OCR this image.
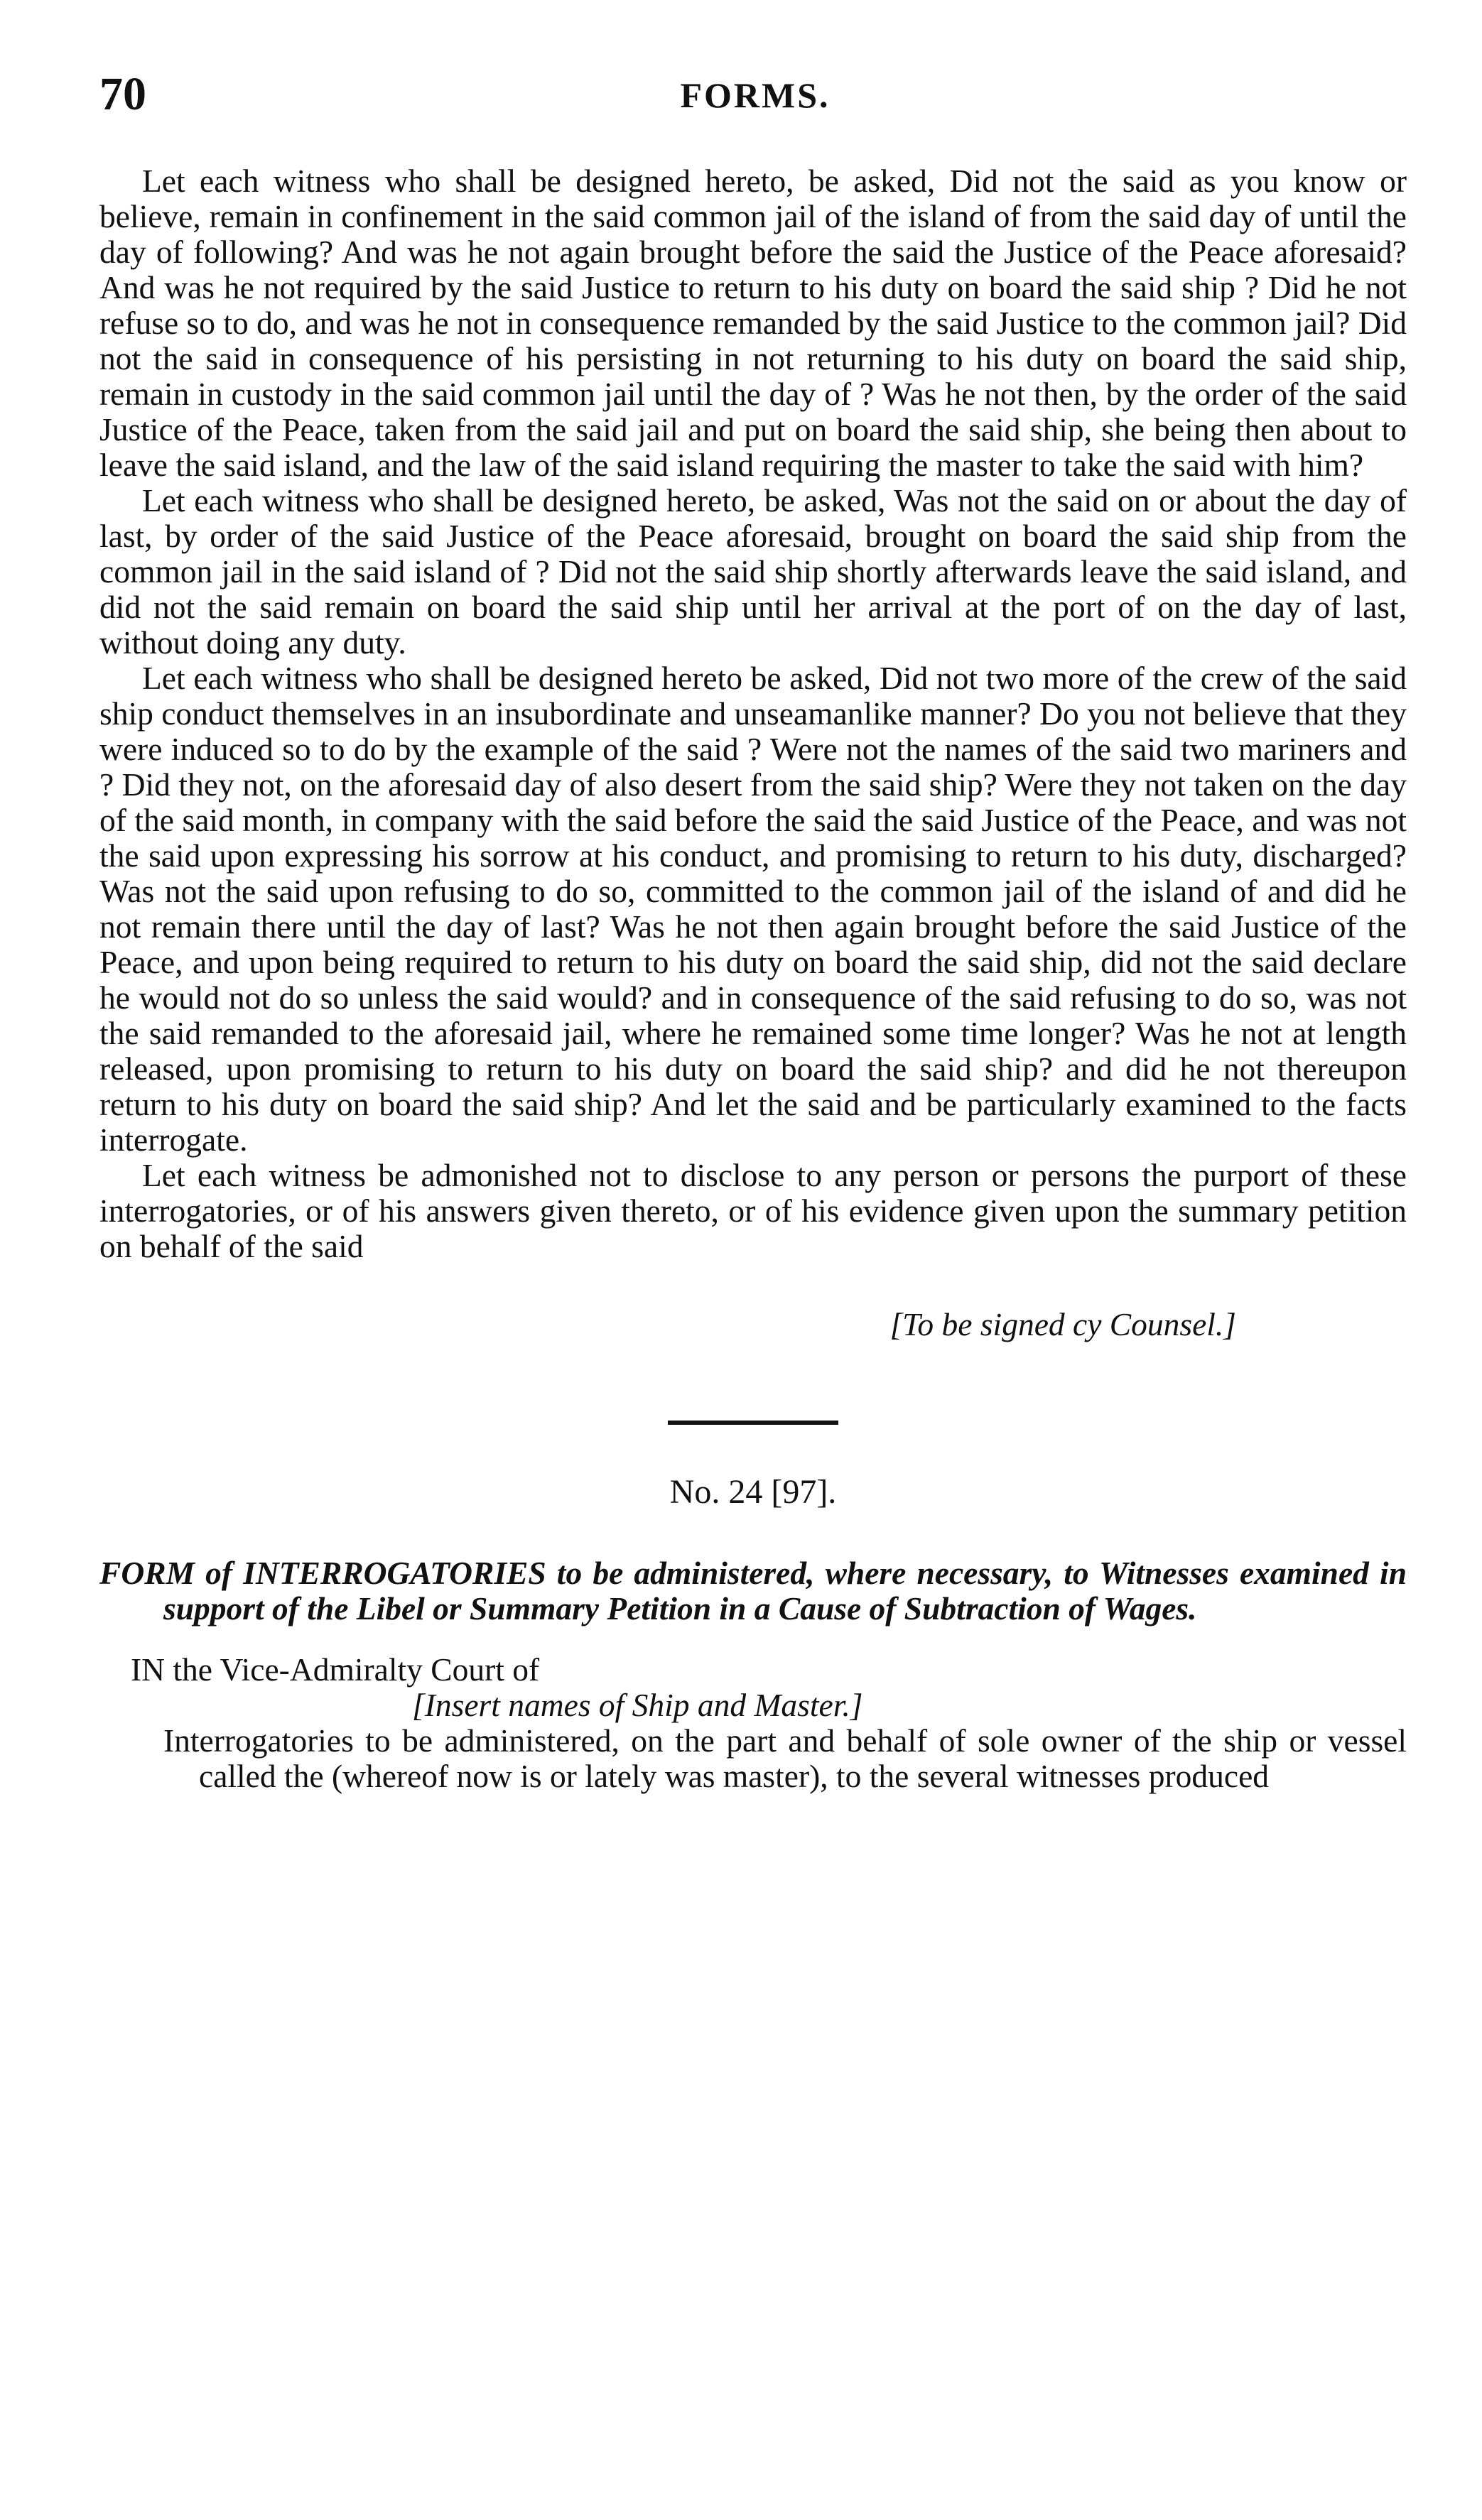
70	FORMS.

Let each witness who shall be designed hereto, be asked, Did not the said as you know or believe, remain in confinement in the said common jail of the island of from the said day of until the day of following? And was he not again brought before the said the Justice of the Peace aforesaid? And was he not required by the said Justice to return to his duty on board the said ship ? Did he not refuse so to do, and was he not in consequence remanded by the said Justice to the common jail? Did not the said in consequence of his persisting in not returning to his duty on board the said ship, remain in custody in the said common jail until the day of ? Was he not then, by the order of the said Justice of the Peace, taken from the said jail and put on board the said ship, she being then about to leave the said island, and the law of the said island requiring the master to take the said with him?

Let each witness who shall be designed hereto, be asked, Was not the said on or about the day of last, by order of the said Justice of the Peace aforesaid, brought on board the said ship from the common jail in the said island of ? Did not the said ship shortly afterwards leave the said island, and did not the said remain on board the said ship until her arrival at the port of on the day of last, without doing any duty.

Let each witness who shall be designed hereto be asked, Did not two more of the crew of the said ship conduct themselves in an insubordinate and unseamanlike manner? Do you not believe that they were induced so to do by the example of the said ? Were not the names of the said two mariners and ? Did they not, on the aforesaid day of also desert from the said ship? Were they not taken on the day of the said month, in company with the said before the said the said Justice of the Peace, and was not the said upon expressing his sorrow at his conduct, and promising to return to his duty, discharged? Was not the said upon refusing to do so, committed to the common jail of the island of and did he not remain there until the day of last? Was he not then again brought before the said Justice of the Peace, and upon being required to return to his duty on board the said ship, did not the said declare he would not do so unless the said would? and in consequence of the said refusing to do so, was not the said remanded to the aforesaid jail, where he remained some time longer? Was he not at length released, upon promising to return to his duty on board the said ship? and did he not thereupon return to his duty on board the said ship? And let the said and be particularly examined to the facts interrogate.

Let each witness be admonished not to disclose to any person or persons the purport of these interrogatories, or of his answers given thereto, or of his evidence given upon the summary petition on behalf of the said

[To be signed cy Counsel.]

No. 24 [97].

FORM of INTERROGATORIES to be administered, where necessary, to Witnesses examined in support of the Libel or Summary Petition in a Cause of Subtraction of Wages.

IN the Vice-Admiralty Court of

[Insert names of Ship and Master.]

Interrogatories to be administered, on the part and behalf of sole owner of the ship or vessel called the (whereof now is or lately was master), to the several witnesses produced
